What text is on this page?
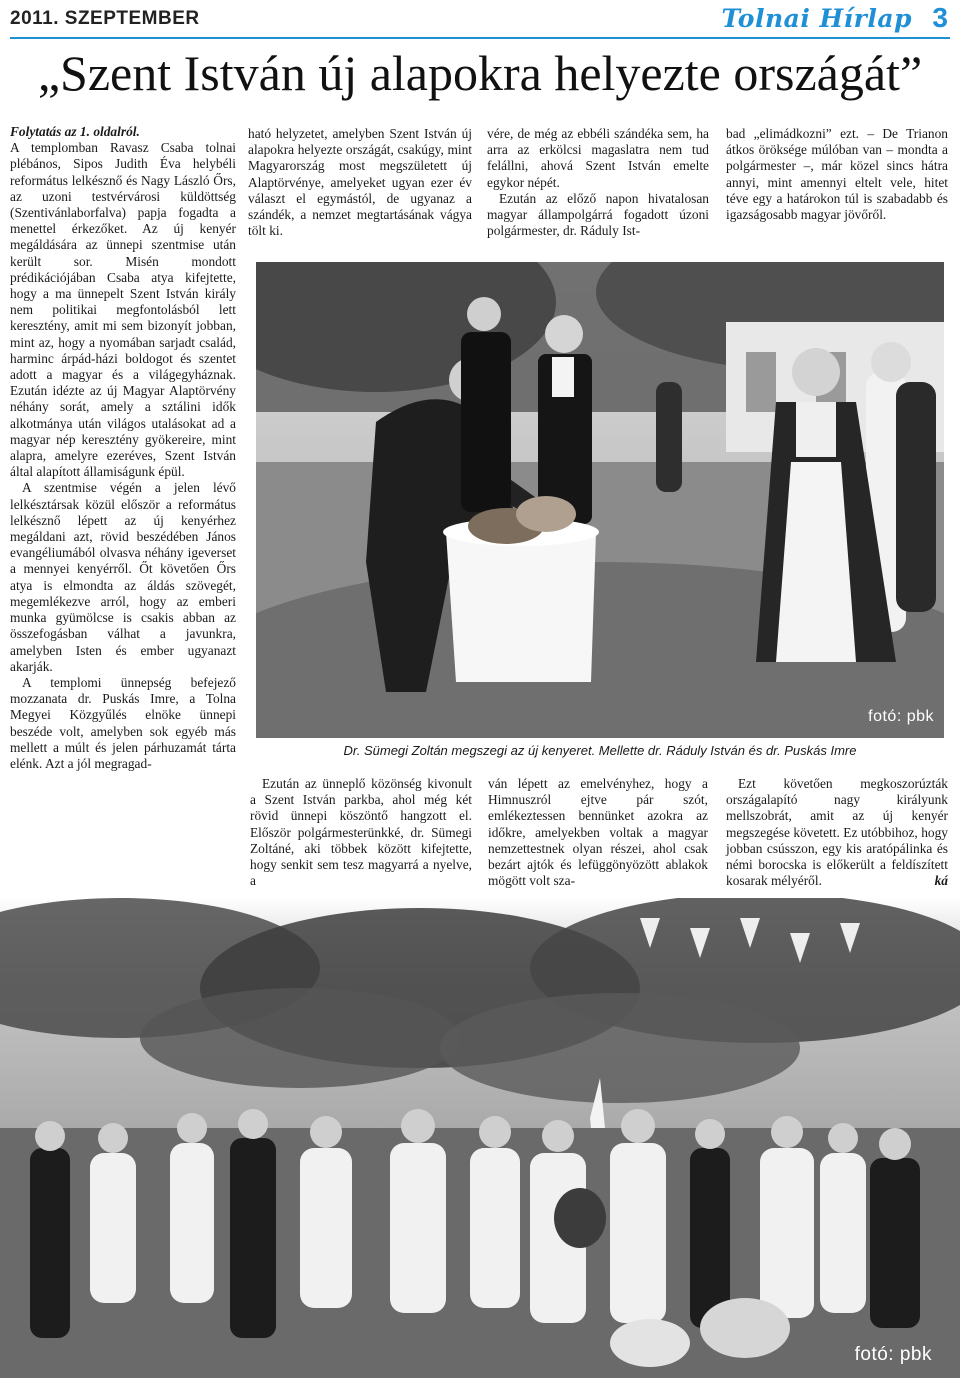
2011. SZEPTEMBER	Tolnai Hírlap 3
„Szent István új alapokra helyezte országát”

Folytatás az 1. oldalról.

A templomban Ravasz Csaba tolnai plébános, Sipos Judith Éva helybéli református lelkésznő és Nagy László Őrs, az uzoni testvérvárosi küldöttség (Szentivánlaborfalva) papja fogadta a menettel érkezőket. Az új kenyér megáldására az ünnepi szentmise után került sor. Misén mondott prédikációjában Csaba atya kifejtette, hogy a ma ünnepelt Szent István király nem politikai megfontolásból lett keresztény, amit mi sem bizonyít jobban, mint az, hogy a nyomában sarjadt család, harminc árpád-házi boldogot és szentet adott a magyar és a világegyháznak. Ezután idézte az új Magyar Alaptörvény néhány sorát, amely a sztálini idők alkotmánya után világos utalásokat ad a magyar nép keresztény gyökereire, mint alapra, amelyre ezeréves, Szent István által alapított államiságunk épül.

A szentmise végén a jelen lévő lelkésztársak közül először a református lelkésznő lépett az új kenyérhez megáldani azt, rövid beszédében János evangéliumából olvasva néhány igeverset a mennyei kenyérről. Őt követően Őrs atya is elmondta az áldás szövegét, megemlékezve arról, hogy az emberi munka gyümölcse is csakis abban az összefogásban válhat a javunkra, amelyben Isten és ember ugyanazt akarják.

A templomi ünnepség befejező mozzanata dr. Puskás Imre, a Tolna Megyei Közgyűlés elnöke ünnepi beszéde volt, amelyben sok egyéb más mellett a múlt és jelen párhuzamát tárta elénk. Azt a jól megragad-

ható helyzetet, amelyben Szent István új alapokra helyezte országát, csakúgy, mint Magyarország most megszületett új Alaptörvénye, amelyeket ugyan ezer év választ el egymástól, de ugyanaz a szándék, a nemzet megtartásának vágya tölt ki.

vére, de még az ebbéli szándéka sem, ha arra az erkölcsi magaslatra nem tud felállni, ahová Szent István emelte egykor népét.

Ezután az előző napon hivatalosan magyar állampolgárrá fogadott úzoni polgármester, dr. Ráduly Ist-

bad „elimádkozni” ezt. – De Trianon átkos öröksége múlóban van – mondta a polgármester –, már közel sincs hátra annyi, mint amennyi eltelt vele, hitet téve egy a határokon túl is szabadabb és igazságosabb magyar jövőről.

fotó: pbk
Dr. Sümegi Zoltán megszegi az új kenyeret. Mellette dr. Ráduly István és dr. Puskás Imre

Ezután az ünneplő közönség kivonult a Szent István parkba, ahol még két rövid ünnepi köszöntő hangzott el. Először polgármesterünkké, dr. Sümegi Zoltáné, aki többek között kifejtette, hogy senkit sem tesz magyarrá a nyelve, a

ván lépett az emelvényhez, hogy a Himnuszról ejtve pár szót, emlékeztessen bennünket azokra az időkre, amelyekben voltak a magyar nemzettestnek olyan részei, ahol csak bezárt ajtók és lefüggönyözött ablakok mögött volt sza-

Ezt követően megkoszorúzták országalapító nagy királyunk mellszobrát, amit az új kenyér megszegése követett. Ez utóbbihoz, hogy jobban csússzon, egy kis aratópálinka és némi borocska is előkerült a feldíszített kosarak mélyéről.	ká

fotó: pbk
